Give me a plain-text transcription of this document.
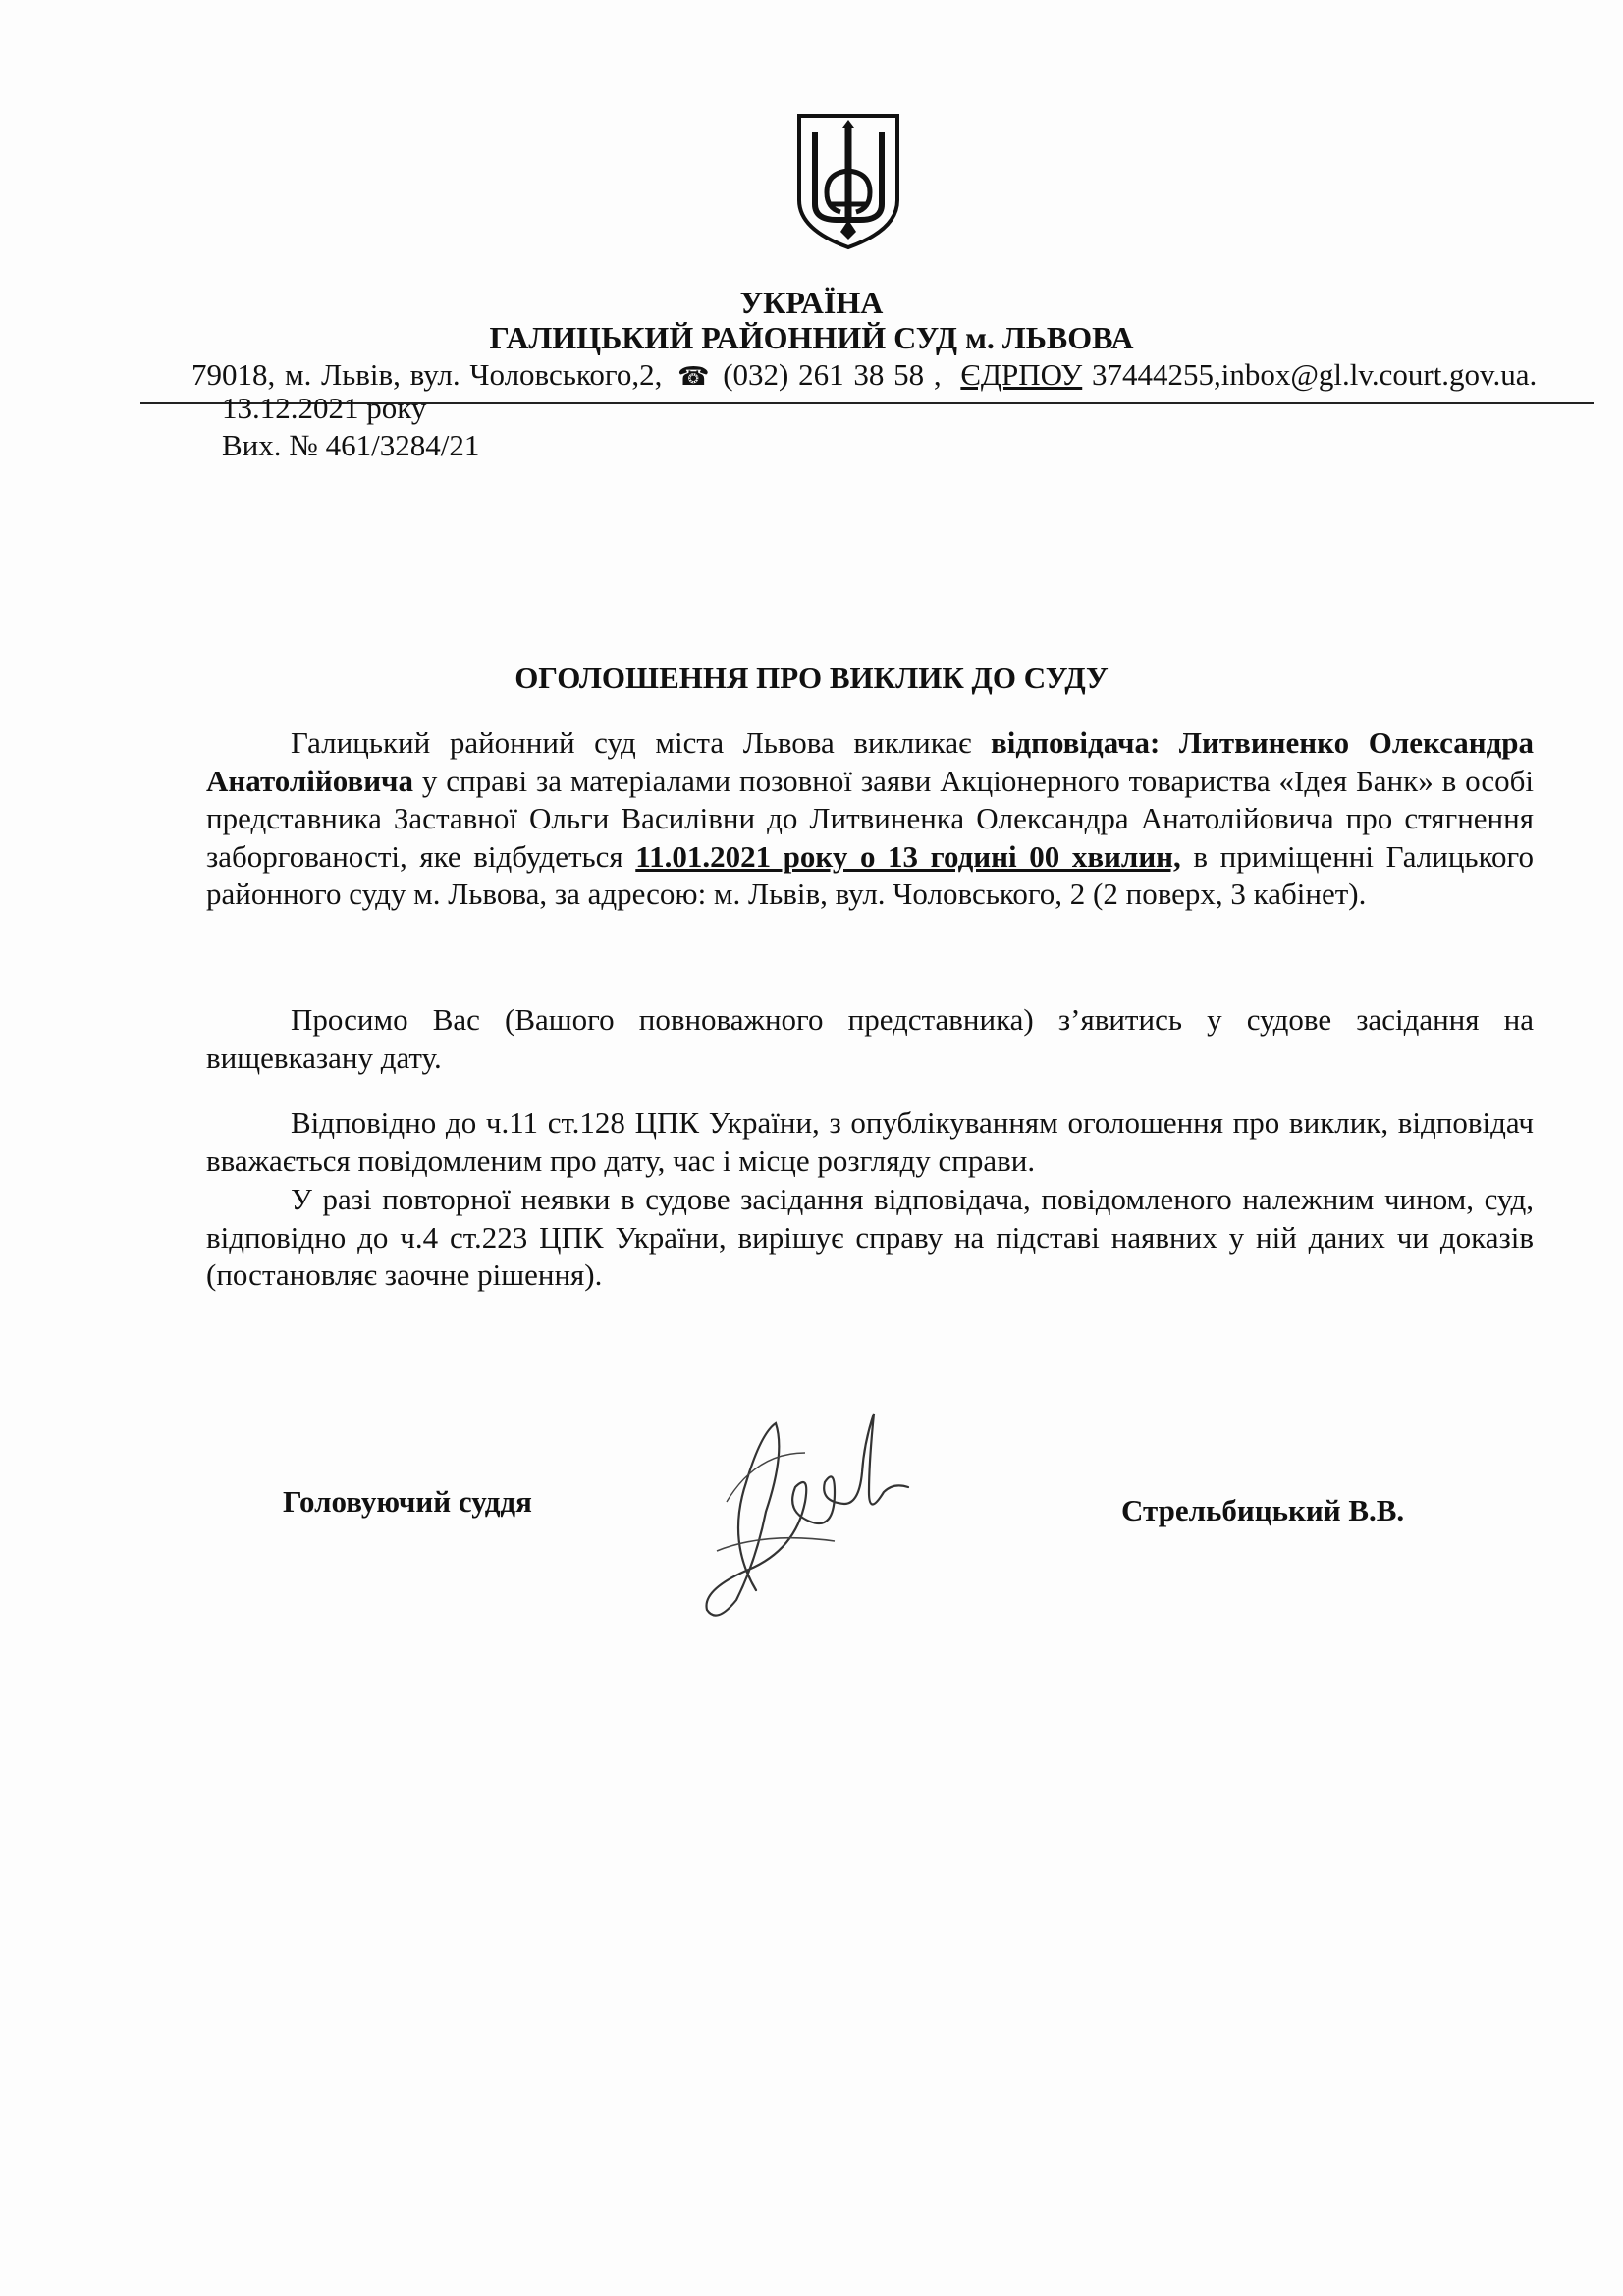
УКРАЇНА
ГАЛИЦЬКИЙ РАЙОННИЙ СУД м. ЛЬВОВА
79018, м. Львів, вул. Чоловського,2, ☎ (032) 261 38 58 , ЄДРПОУ 37444255,inbox@gl.lv.court.gov.ua.
13.12.2021 року
Вих. № 461/3284/21
ОГОЛОШЕННЯ ПРО ВИКЛИК ДО СУДУ

Галицький районний суд міста Львова викликає відповідача: Литвиненко Олександра Анатолійовича у справі за матеріалами позовної заяви Акціонерного товариства «Ідея Банк» в особі представника Заставної Ольги Василівни до Литвиненка Олександра Анатолійовича про стягнення заборгованості, яке відбудеться 11.01.2021 року о 13 годині 00 хвилин, в приміщенні Галицького районного суду м. Львова, за адресою: м. Львів, вул. Чоловського, 2 (2 поверх, 3 кабінет).

Просимо Вас (Вашого повноважного представника) з’явитись у судове засідання на вищевказану дату.

Відповідно до ч.11 ст.128 ЦПК України, з опублікуванням оголошення про виклик, відповідач вважається повідомленим про дату, час і місце розгляду справи.

У разі повторної неявки в судове засідання відповідача, повідомленого належним чином, суд, відповідно до ч.4 ст.223 ЦПК України, вирішує справу на підставі наявних у ній даних чи доказів (постановляє заочне рішення).

Головуючий суддя	Стрельбицький В.В.
